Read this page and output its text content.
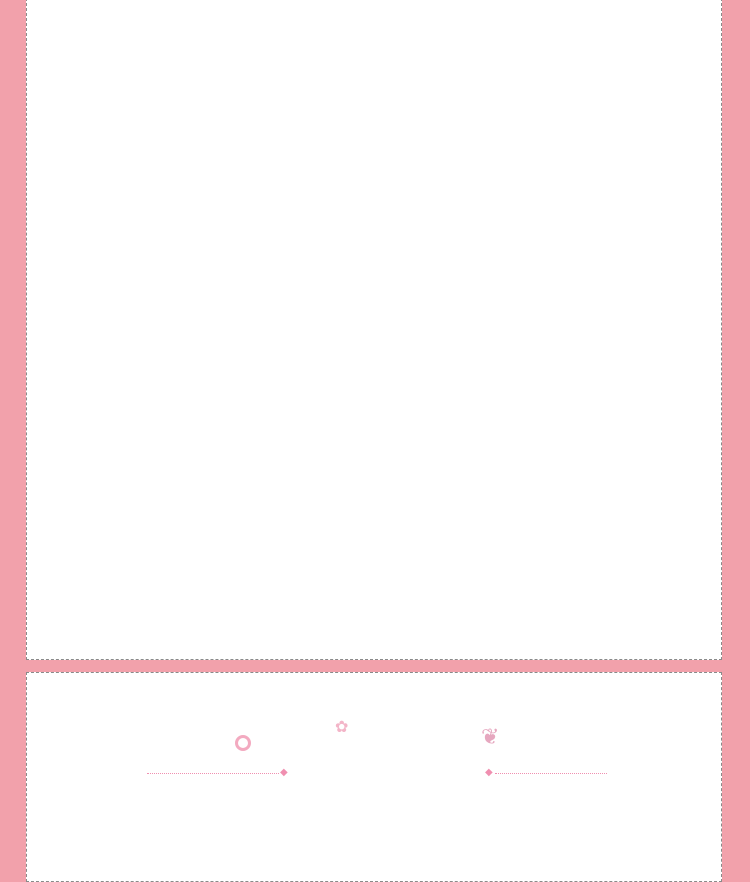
✿	❦
◆	◆
